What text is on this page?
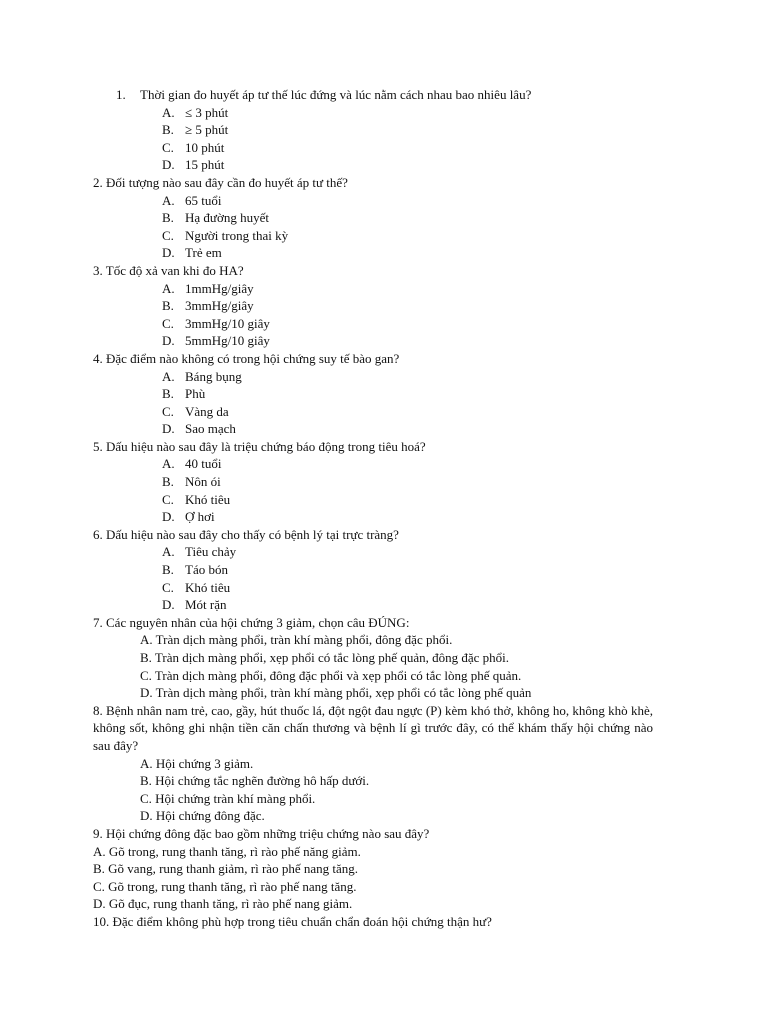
1. Thời gian đo huyết áp tư thế lúc đứng và lúc nằm cách nhau bao nhiêu lâu?
A. ≤ 3 phút
B. ≥ 5 phút
C. 10 phút
D. 15 phút
2. Đối tượng nào sau đây cần đo huyết áp tư thế?
A. 65 tuổi
B. Hạ đường huyết
C. Người trong thai kỳ
D. Trẻ em
3. Tốc độ xả van khi đo HA?
A. 1mmHg/giây
B. 3mmHg/giây
C. 3mmHg/10 giây
D. 5mmHg/10 giây
4. Đặc điểm nào không có trong hội chứng suy tế bào gan?
A. Báng bụng
B. Phù
C. Vàng da
D. Sao mạch
5. Dấu hiệu nào sau đây là triệu chứng báo động trong tiêu hoá?
A. 40 tuổi
B. Nôn ói
C. Khó tiêu
D. Ợ hơi
6. Dấu hiệu nào sau đây cho thấy có bệnh lý tại trực tràng?
A. Tiêu chảy
B. Táo bón
C. Khó tiêu
D. Mót rặn
7. Các nguyên nhân của hội chứng 3 giảm, chọn câu ĐÚNG:
A. Tràn dịch màng phổi, tràn khí màng phổi, đông đặc phổi.
B. Tràn dịch màng phổi, xẹp phổi có tắc lòng phế quản, đông đặc phổi.
C. Tràn dịch màng phổi, đông đặc phổi và xẹp phổi có tắc lòng phế quản.
D. Tràn dịch màng phổi, tràn khí màng phổi, xẹp phổi có tắc lòng phế quản
8. Bệnh nhân nam trẻ, cao, gầy, hút thuốc lá, đột ngột đau ngực (P) kèm khó thở, không ho, không khò khè, không sốt, không ghi nhận tiền căn chấn thương và bệnh lí gì trước đây, có thể khám thấy hội chứng nào sau đây?
A. Hội chứng 3 giảm.
B. Hội chứng tắc nghẽn đường hô hấp dưới.
C. Hội chứng tràn khí màng phổi.
D. Hội chứng đông đặc.
9. Hội chứng đông đặc bao gồm những triệu chứng nào sau đây?
A. Gõ trong, rung thanh tăng, rì rào phế năng giảm.
B. Gõ vang, rung thanh giảm, rì rào phế nang tăng.
C. Gõ trong, rung thanh tăng, rì rào phế nang tăng.
D. Gõ đục, rung thanh tăng, rì rào phế nang giảm.
10. Đặc điểm không phù hợp trong tiêu chuẩn chẩn đoán hội chứng thận hư?
